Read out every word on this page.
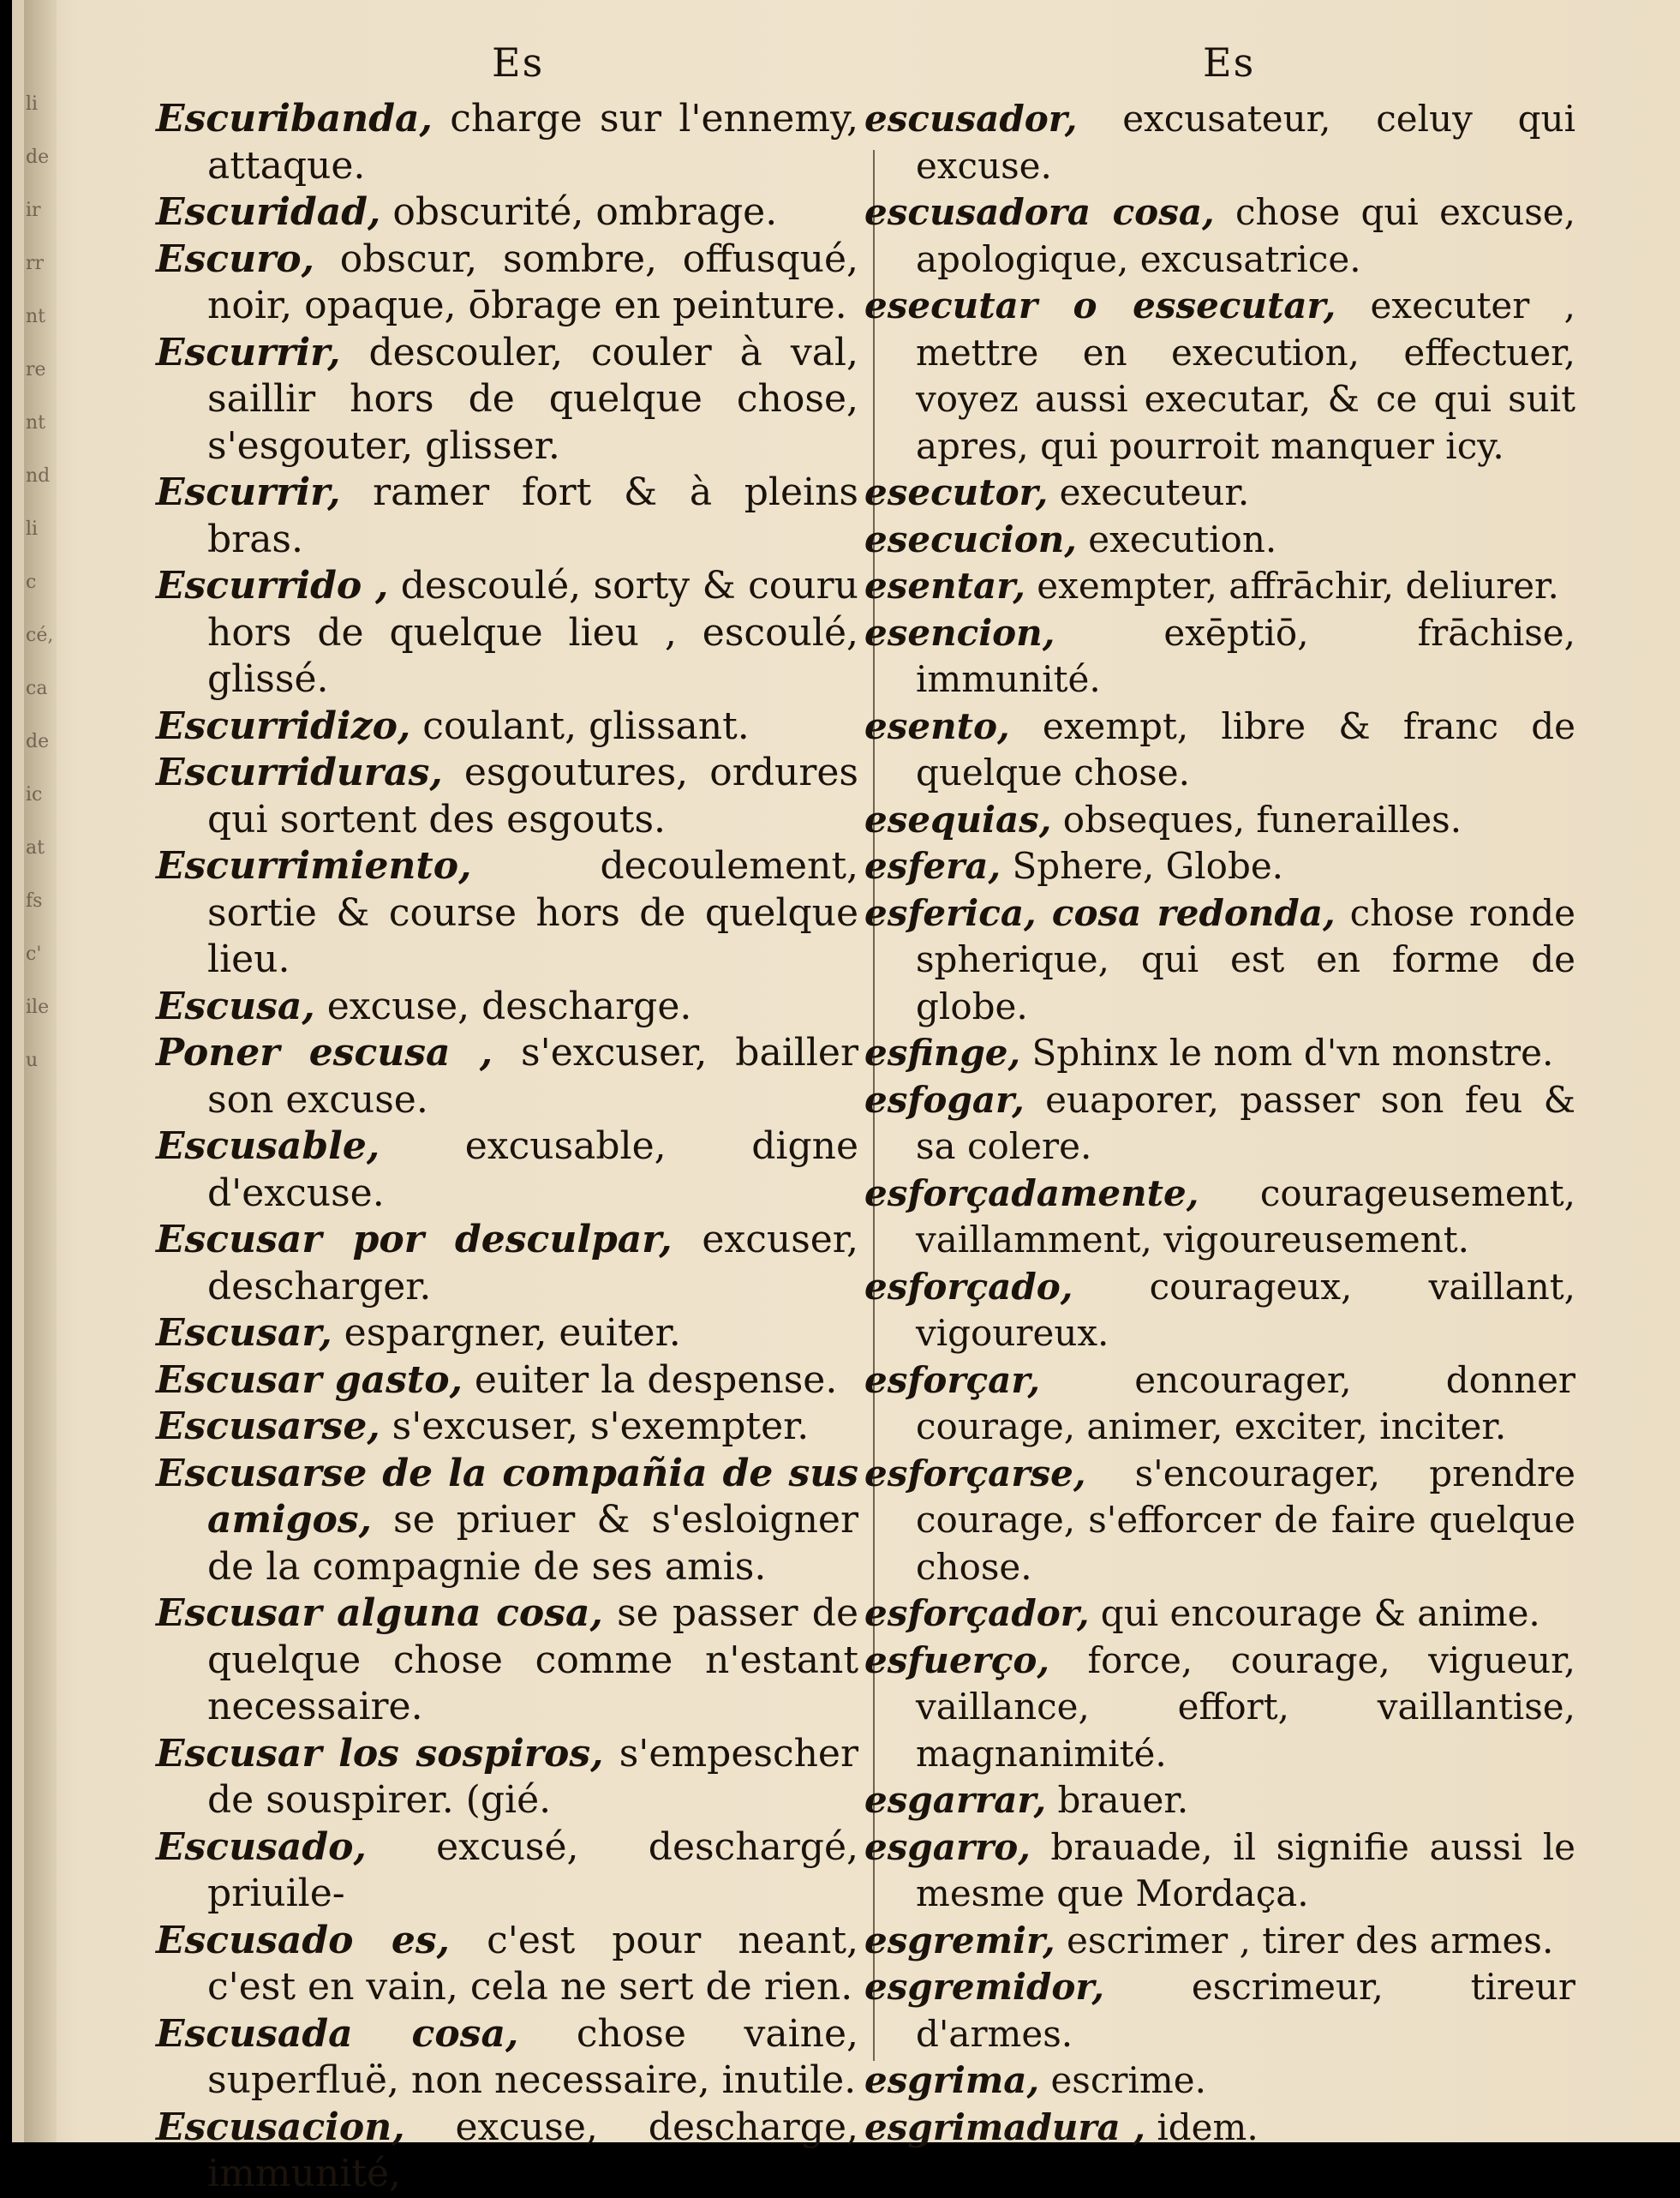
li
de
ir
rr
nt
re
nt
nd
li
c
cé,
ca
de
ic
at
fs
c'
ile
u
Es	Es
Escuribanda, charge sur l'ennemy, attaque.
Escuridad, obscurité, ombrage.
Escuro, obscur, sombre, offusqué, noir, opaque, ōbrage en peinture.
Escurrir, descouler, couler à val, saillir hors de quelque chose, s'esgouter, glisser.
Escurrir, ramer fort & à pleins bras.
Escurrido , descoulé, sorty & couru hors de quelque lieu , escoulé, glissé.
Escurridizo, coulant, glissant.
Escurriduras, esgoutures, ordures qui sortent des esgouts.
Escurrimiento, decoulement, sortie & course hors de quelque lieu.
Escusa, excuse, descharge.
Poner escusa , s'excuser, bailler son excuse.
Escusable, excusable, digne d'excuse.
Escusar por desculpar, excuser, descharger.
Escusar, espargner, euiter.
Escusar gasto, euiter la despense.
Escusarse, s'excuser, s'exempter.
Escusarse de la compañia de sus amigos, se priuer & s'esloigner de la compagnie de ses amis.
Escusar alguna cosa, se passer de quelque chose comme n'estant necessaire.
Escusar los sospiros, s'empescher de souspirer. (gié.
Escusado, excusé, deschargé, priuile-
Escusado es, c'est pour neant, c'est en vain, cela ne sert de rien.
Escusada cosa, chose vaine, superfluë, non necessaire, inutile.
Escusacion, excuse, descharge, immunité,
escusador, excusateur, celuy qui excuse.
escusadora cosa, chose qui excuse, apologique, excusatrice.
esecutar o essecutar, executer , mettre en execution, effectuer, voyez aussi executar, & ce qui suit apres, qui pourroit manquer icy.
esecutor, executeur.
esecucion, execution.
esentar, exempter, affrāchir, deliurer.
esencion, exēptiō, frāchise, immunité.
esento, exempt, libre & franc de quelque chose.
esequias, obseques, funerailles.
esfera, Sphere, Globe.
esferica, cosa redonda, chose ronde spherique, qui est en forme de globe.
esfinge, Sphinx le nom d'vn monstre.
esfogar, euaporer, passer son feu & sa colere.
esforçadamente, courageusement, vaillamment, vigoureusement.
esforçado, courageux, vaillant, vigoureux.
esforçar, encourager, donner courage, animer, exciter, inciter.
esforçarse, s'encourager, prendre courage, s'efforcer de faire quelque chose.
esforçador, qui encourage & anime.
esfuerço, force, courage, vigueur, vaillance, effort, vaillantise, magnanimité.
esgarrar, brauer.
esgarro, brauade, il signifie aussi le mesme que Mordaça.
esgremir, escrimer , tirer des armes.
esgremidor, escrimeur, tireur d'armes.
esgrima, escrime.
esgrimadura , idem.
